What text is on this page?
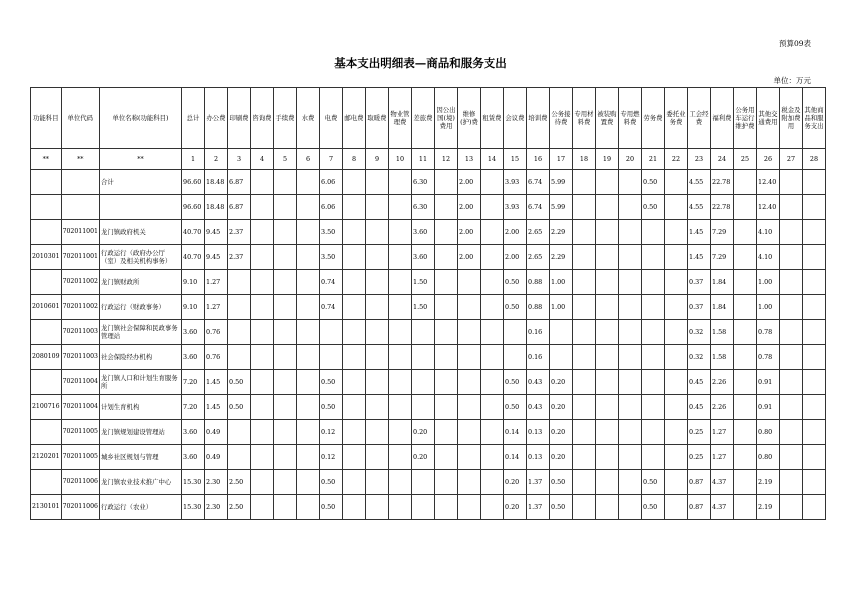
预算09表
基本支出明细表—商品和服务支出
单位：万元
功能科目	单位代码	单位名称(功能科目)	总计	办公费	印刷费	咨询费	手续费	水费	电费	邮电费	取暖费	物业管理费	差旅费	因公出国(境)费用	维修(护)费	租赁费	会议费	培训费	公务接待费	专用材料费	被装购置费	专用燃料费	劳务费	委托业务费	工会经费	福利费	公务用车运行维护费	其他交通费用	税金及附加费用	其他商品和服务支出
**	**	**	1	2	3	4	5	6	7	8	9	10	11	12	13	14	15	16	17	18	19	20	21	22	23	24	25	26	27	28
		合计	96.60	18.48	6.87				6.06				6.30		2.00		3.93	6.74	5.99				0.50		4.55	22.78		12.40		
			96.60	18.48	6.87				6.06				6.30		2.00		3.93	6.74	5.99				0.50		4.55	22.78		12.40		
	702011001	龙门镇政府机关	40.70	9.45	2.37				3.50				3.60		2.00		2.00	2.65	2.29						1.45	7.29		4.10		
2010301	702011001	行政运行（政府办公厅（室）及相关机构事务）	40.70	9.45	2.37				3.50				3.60		2.00		2.00	2.65	2.29						1.45	7.29		4.10		
	702011002	龙门镇财政所	9.10	1.27					0.74				1.50				0.50	0.88	1.00						0.37	1.84		1.00		
2010601	702011002	行政运行（财政事务）	9.10	1.27					0.74				1.50				0.50	0.88	1.00						0.37	1.84		1.00		
	702011003	龙门镇社会保障和民政事务管理站	3.60	0.76														0.16							0.32	1.58		0.78		
2080109	702011003	社会保险经办机构	3.60	0.76														0.16							0.32	1.58		0.78		
	702011004	龙门镇人口和计划生育服务所	7.20	1.45	0.50				0.50								0.50	0.43	0.20						0.45	2.26		0.91		
2100716	702011004	计划生育机构	7.20	1.45	0.50				0.50								0.50	0.43	0.20						0.45	2.26		0.91		
	702011005	龙门镇规划建设管理站	3.60	0.49					0.12				0.20				0.14	0.13	0.20						0.25	1.27		0.80		
2120201	702011005	城乡社区规划与管理	3.60	0.49					0.12				0.20				0.14	0.13	0.20						0.25	1.27		0.80		
	702011006	龙门镇农业技术推广中心	15.30	2.30	2.50				0.50								0.20	1.37	0.50				0.50		0.87	4.37		2.19		
2130101	702011006	行政运行（农业）	15.30	2.30	2.50				0.50								0.20	1.37	0.50				0.50		0.87	4.37		2.19		
